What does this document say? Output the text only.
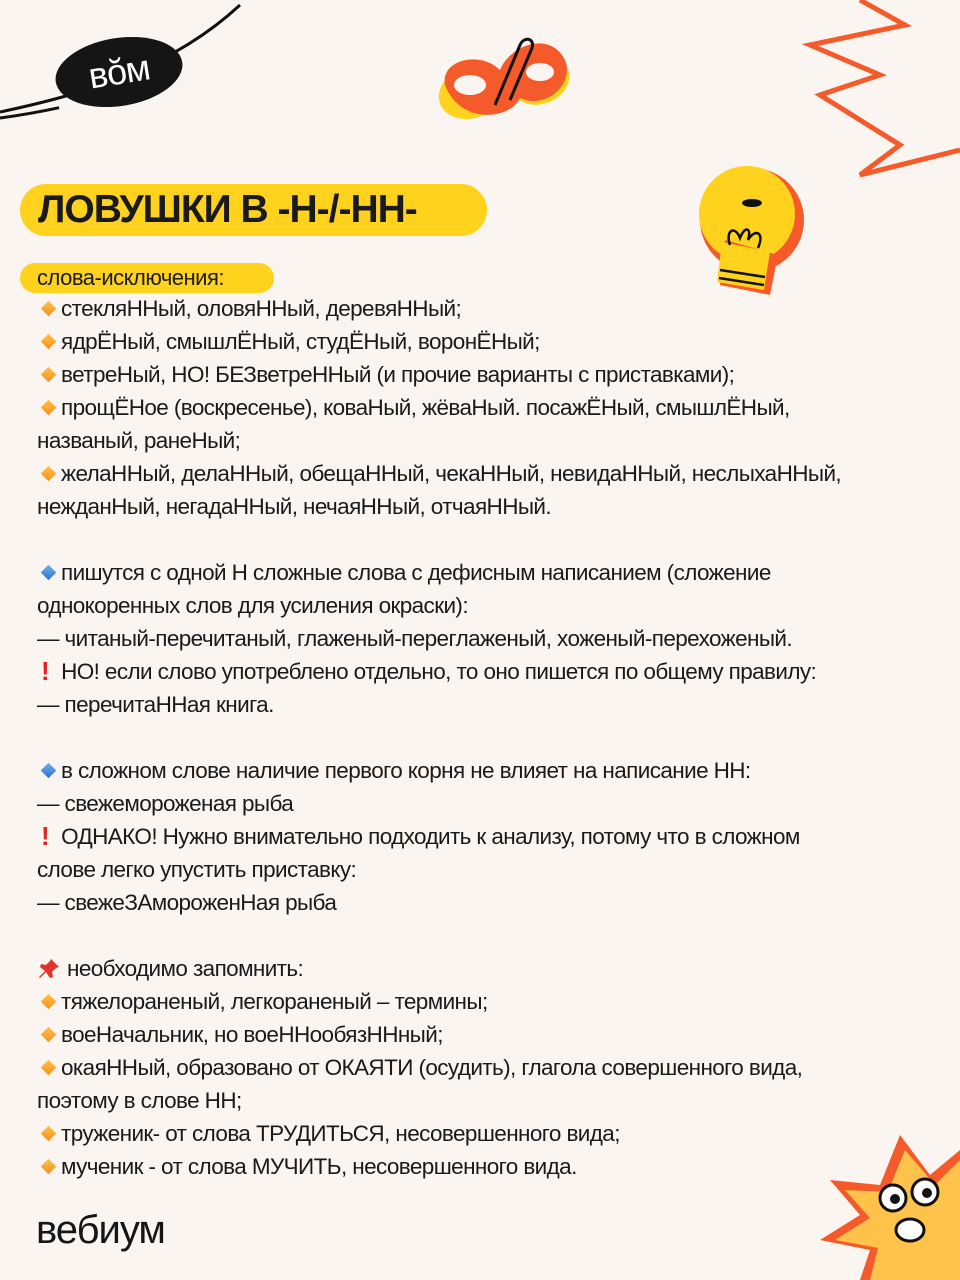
вŏм
ЛОВУШКИ В -Н-/-НН-
слова-исключения:
стекляННый, оловяННый, деревяННый;
ядрЁНый, смышлЁНый, студЁНый, воронЁНый;
ветреНый, НО! БЕЗветреННый (и прочие варианты с приставками);
прощЁНое (воскресенье), коваНый, жёваНый. посажЁНый, смышлЁНый,
названый, ранеНый;
желаННый, делаННый, обещаННый, чекаННый, невидаННый, неслыхаННый,
нежданНый, негадаННый, нечаяННый, отчаяННый.
пишутся с одной Н сложные слова с дефисным написанием (сложение
однокоренных слов для усиления окраски):
— читаный-перечитаный, глаженый-переглаженый, хоженый-перехоженый.
! НО! если слово употреблено отдельно, то оно пишется по общему правилу:
— перечитаННая книга.
в сложном слове наличие первого корня не влияет на написание НН:
— свежемороженая рыба
! ОДНАКО! Нужно внимательно подходить к анализу, потому что в сложном
слове легко упустить приставку:
— свежеЗАмороженНая рыба
необходимо запомнить:
тяжелораненый, легкораненый – термины;
воеНачальник, но воеННообязННный;
окаяННый, образовано от ОКАЯТИ (осудить), глагола совершенного вида,
поэтому в слове НН;
труженик- от слова ТРУДИТЬСЯ, несовершенного вида;
мученик - от слова МУЧИТЬ, несовершенного вида.
вебиум
